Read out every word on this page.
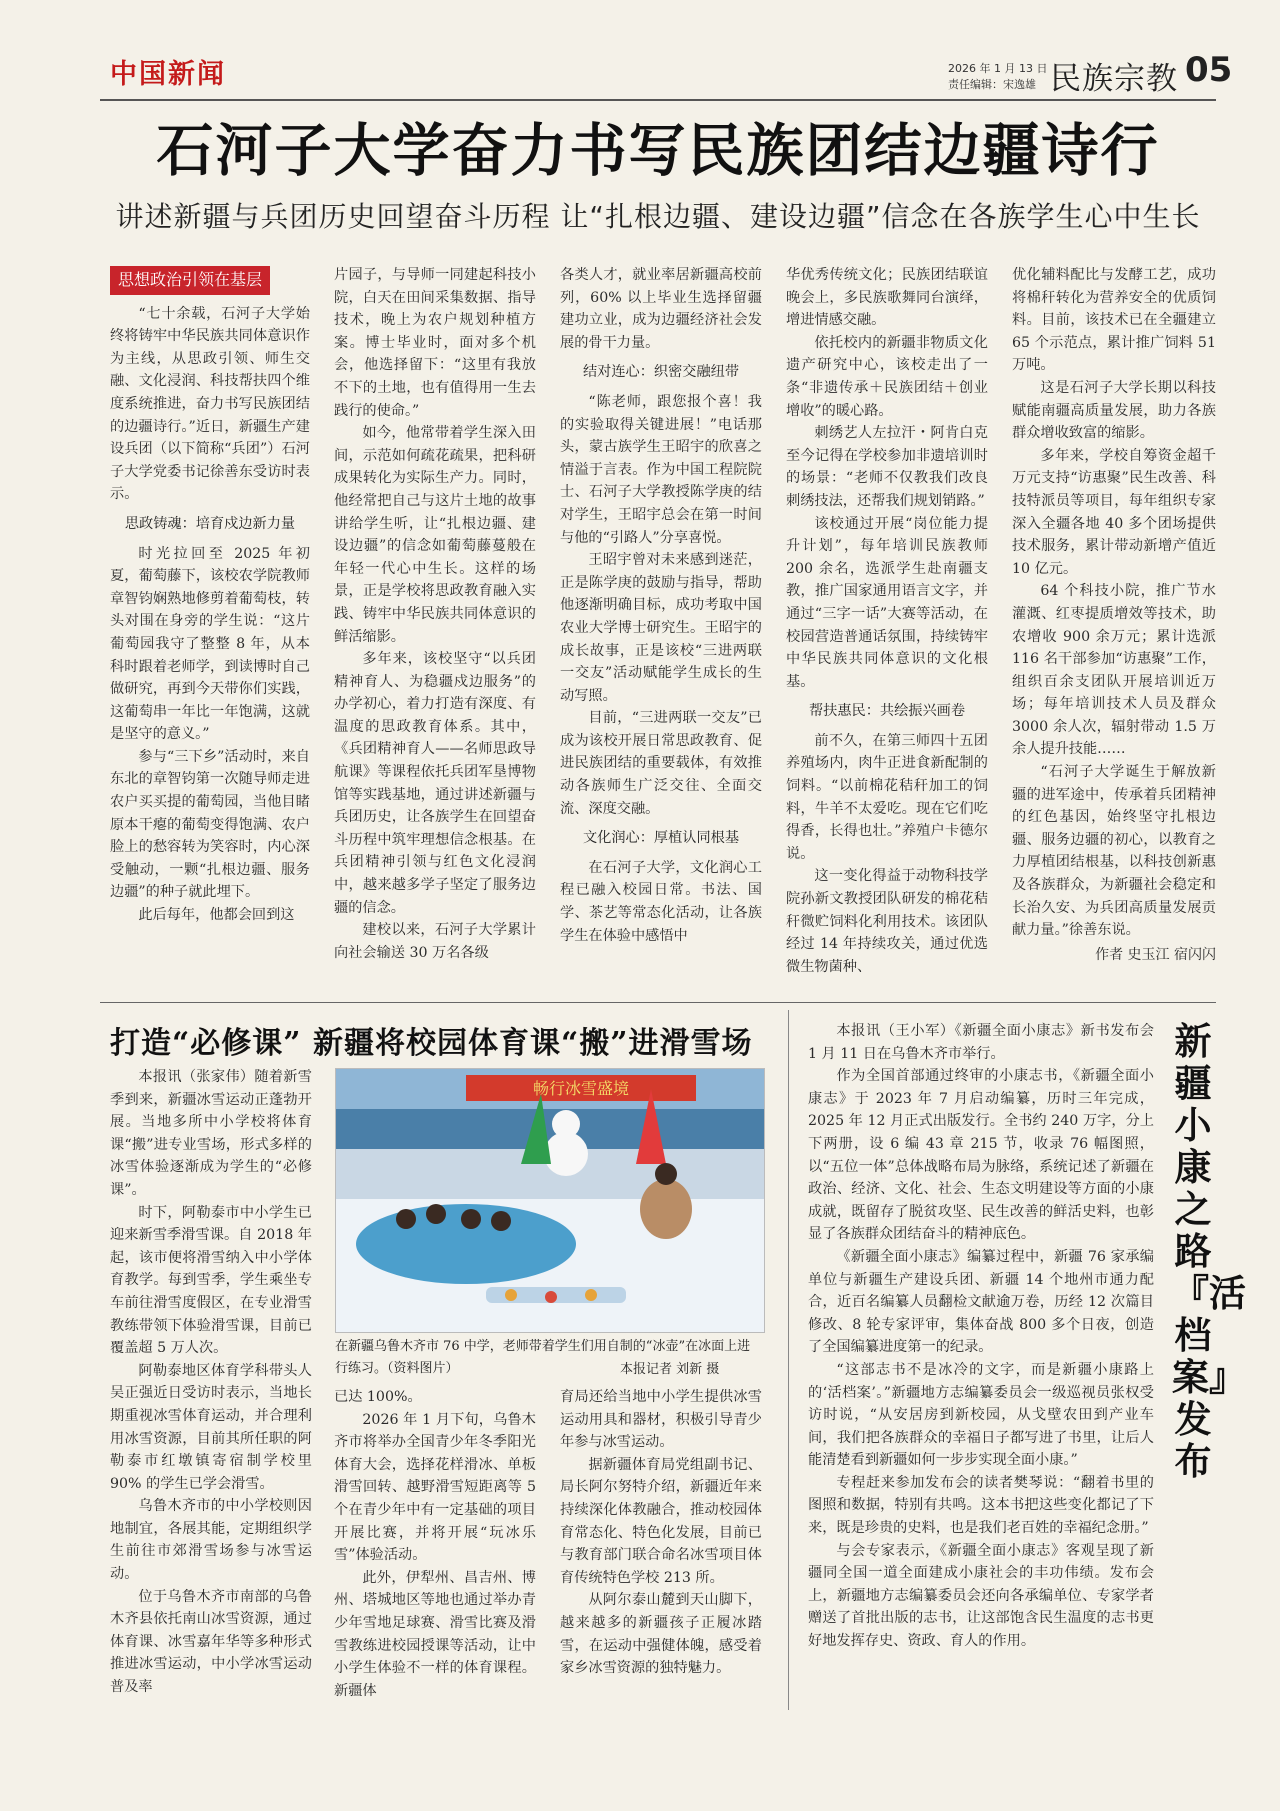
中国新闻	2026 年 1 月 13 日
责任编辑：宋逸雄 民族宗教 05
石河子大学奋力书写民族团结边疆诗行
讲述新疆与兵团历史回望奋斗历程 让“扎根边疆、建设边疆”信念在各族学生心中生长
思想政治引领在基层

“七十余载，石河子大学始终将铸牢中华民族共同体意识作为主线，从思政引领、师生交融、文化浸润、科技帮扶四个维度系统推进，奋力书写民族团结的边疆诗行。”近日，新疆生产建设兵团（以下简称“兵团”）石河子大学党委书记徐善东受访时表示。

思政铸魂：培育戍边新力量

时光拉回至 2025 年初夏，葡萄藤下，该校农学院教师章智钧娴熟地修剪着葡萄枝，转头对围在身旁的学生说：“这片葡萄园我守了整整 8 年，从本科时跟着老师学，到读博时自己做研究，再到今天带你们实践，这葡萄串一年比一年饱满，这就是坚守的意义。”

参与“三下乡”活动时，来自东北的章智钧第一次随导师走进农户买买提的葡萄园，当他目睹原本干瘪的葡萄变得饱满、农户脸上的愁容转为笑容时，内心深受触动，一颗“扎根边疆、服务边疆”的种子就此埋下。

此后每年，他都会回到这

片园子，与导师一同建起科技小院，白天在田间采集数据、指导技术，晚上为农户规划种植方案。博士毕业时，面对多个机会，他选择留下：“这里有我放不下的土地，也有值得用一生去践行的使命。”

如今，他常带着学生深入田间，示范如何疏花疏果，把科研成果转化为实际生产力。同时，他经常把自己与这片土地的故事讲给学生听，让“扎根边疆、建设边疆”的信念如葡萄藤蔓般在年轻一代心中生长。这样的场景，正是学校将思政教育融入实践、铸牢中华民族共同体意识的鲜活缩影。

多年来，该校坚守“以兵团精神育人、为稳疆戍边服务”的办学初心，着力打造有深度、有温度的思政教育体系。其中，《兵团精神育人——名师思政导航课》等课程依托兵团军垦博物馆等实践基地，通过讲述新疆与兵团历史，让各族学生在回望奋斗历程中筑牢理想信念根基。在兵团精神引领与红色文化浸润中，越来越多学子坚定了服务边疆的信念。

建校以来，石河子大学累计向社会输送 30 万名各级

各类人才，就业率居新疆高校前列，60% 以上毕业生选择留疆建功立业，成为边疆经济社会发展的骨干力量。

结对连心：织密交融纽带

“陈老师，跟您报个喜！我的实验取得关键进展！”电话那头，蒙古族学生王昭宇的欣喜之情溢于言表。作为中国工程院院士、石河子大学教授陈学庚的结对学生，王昭宇总会在第一时间与他的“引路人”分享喜悦。

王昭宇曾对未来感到迷茫，正是陈学庚的鼓励与指导，帮助他逐渐明确目标，成功考取中国农业大学博士研究生。王昭宇的成长故事，正是该校“三进两联一交友”活动赋能学生成长的生动写照。

目前，“三进两联一交友”已成为该校开展日常思政教育、促进民族团结的重要载体，有效推动各族师生广泛交往、全面交流、深度交融。

文化润心：厚植认同根基

在石河子大学，文化润心工程已融入校园日常。书法、国学、茶艺等常态化活动，让各族学生在体验中感悟中

华优秀传统文化；民族团结联谊晚会上，多民族歌舞同台演绎，增进情感交融。

依托校内的新疆非物质文化遗产研究中心，该校走出了一条“非遗传承＋民族团结＋创业增收”的暖心路。

刺绣艺人左拉汗・阿肯白克至今记得在学校参加非遗培训时的场景：“老师不仅教我们改良刺绣技法，还帮我们规划销路。”

该校通过开展“岗位能力提升计划”，每年培训民族教师 200 余名，选派学生赴南疆支教，推广国家通用语言文字，并通过“三字一话”大赛等活动，在校园营造普通话氛围，持续铸牢中华民族共同体意识的文化根基。

帮扶惠民：共绘振兴画卷

前不久，在第三师四十五团养殖场内，肉牛正进食新配制的饲料。“以前棉花秸秆加工的饲料，牛羊不太爱吃。现在它们吃得香，长得也壮。”养殖户卡德尔说。

这一变化得益于动物科技学院孙新文教授团队研发的棉花秸秆微贮饲料化利用技术。该团队经过 14 年持续攻关，通过优选微生物菌种、

优化辅料配比与发酵工艺，成功将棉秆转化为营养安全的优质饲料。目前，该技术已在全疆建立 65 个示范点，累计推广饲料 51 万吨。

这是石河子大学长期以科技赋能南疆高质量发展，助力各族群众增收致富的缩影。

多年来，学校自筹资金超千万元支持“访惠聚”民生改善、科技特派员等项目，每年组织专家深入全疆各地 40 多个团场提供技术服务，累计带动新增产值近 10 亿元。

64 个科技小院，推广节水灌溉、红枣提质增效等技术，助农增收 900 余万元；累计选派 116 名干部参加“访惠聚”工作，组织百余支团队开展培训近万场；每年培训技术人员及群众 3000 余人次，辐射带动 1.5 万余人提升技能……

“石河子大学诞生于解放新疆的进军途中，传承着兵团精神的红色基因，始终坚守扎根边疆、服务边疆的初心，以教育之力厚植团结根基，以科技创新惠及各族群众，为新疆社会稳定和长治久安、为兵团高质量发展贡献力量。”徐善东说。

作者 史玉江 宿闪闪
打造“必修课” 新疆将校园体育课“搬”进滑雪场

本报讯（张家伟）随着新雪季到来，新疆冰雪运动正蓬勃开展。当地多所中小学校将体育课“搬”进专业雪场，形式多样的冰雪体验逐渐成为学生的“必修课”。

时下，阿勒泰市中小学生已迎来新雪季滑雪课。自 2018 年起，该市便将滑雪纳入中小学体育教学。每到雪季，学生乘坐专车前往滑雪度假区，在专业滑雪教练带领下体验滑雪课，目前已覆盖超 5 万人次。

阿勒泰地区体育学科带头人吴正强近日受访时表示，当地长期重视冰雪体育运动，并合理利用冰雪资源，目前其所任职的阿勒泰市红墩镇寄宿制学校里 90% 的学生已学会滑雪。

乌鲁木齐市的中小学校则因地制宜，各展其能，定期组织学生前往市郊滑雪场参与冰雪运动。

位于乌鲁木齐市南部的乌鲁木齐县依托南山冰雪资源，通过体育课、冰雪嘉年华等多种形式推进冰雪运动，中小学冰雪运动普及率

畅行冰雪盛境
在新疆乌鲁木齐市 76 中学，老师带着学生们用自制的“冰壶”在冰面上进行练习。（资料图片）	本报记者 刘新 摄

已达 100%。

2026 年 1 月下旬，乌鲁木齐市将举办全国青少年冬季阳光体育大会，选择花样滑冰、单板滑雪回转、越野滑雪短距离等 5 个在青少年中有一定基础的项目开展比赛，并将开展“玩冰乐雪”体验活动。

此外，伊犁州、昌吉州、博州、塔城地区等地也通过举办青少年雪地足球赛、滑雪比赛及滑雪教练进校园授课等活动，让中小学生体验不一样的体育课程。新疆体

育局还给当地中小学生提供冰雪运动用具和器材，积极引导青少年参与冰雪运动。

据新疆体育局党组副书记、局长阿尔努特介绍，新疆近年来持续深化体教融合，推动校园体育常态化、特色化发展，目前已与教育部门联合命名冰雪项目体育传统特色学校 213 所。

从阿尔泰山麓到天山脚下，越来越多的新疆孩子正履冰踏雪，在运动中强健体魄，感受着家乡冰雪资源的独特魅力。

本报讯（王小军）《新疆全面小康志》新书发布会 1 月 11 日在乌鲁木齐市举行。

作为全国首部通过终审的小康志书，《新疆全面小康志》于 2023 年 7 月启动编纂，历时三年完成，2025 年 12 月正式出版发行。全书约 240 万字，分上下两册，设 6 编 43 章 215 节，收录 76 幅图照，以“五位一体”总体战略布局为脉络，系统记述了新疆在政治、经济、文化、社会、生态文明建设等方面的小康成就，既留存了脱贫攻坚、民生改善的鲜活史料，也彰显了各族群众团结奋斗的精神底色。

《新疆全面小康志》编纂过程中，新疆 76 家承编单位与新疆生产建设兵团、新疆 14 个地州市通力配合，近百名编纂人员翻检文献逾万卷，历经 12 次篇目修改、8 轮专家评审，集体奋战 800 多个日夜，创造了全国编纂进度第一的纪录。

“这部志书不是冰冷的文字，而是新疆小康路上的‘活档案’。”新疆地方志编纂委员会一级巡视员张权受访时说，“从安居房到新校园，从戈壁农田到产业车间，我们把各族群众的幸福日子都写进了书里，让后人能清楚看到新疆如何一步步实现全面小康。”

专程赶来参加发布会的读者樊琴说：“翻着书里的图照和数据，特别有共鸣。这本书把这些变化都记了下来，既是珍贵的史料，也是我们老百姓的幸福纪念册。”

与会专家表示，《新疆全面小康志》客观呈现了新疆同全国一道全面建成小康社会的丰功伟绩。发布会上，新疆地方志编纂委员会还向各承编单位、专家学者赠送了首批出版的志书，让这部饱含民生温度的志书更好地发挥存史、资政、育人的作用。

新疆小康之路『活档案』发布
